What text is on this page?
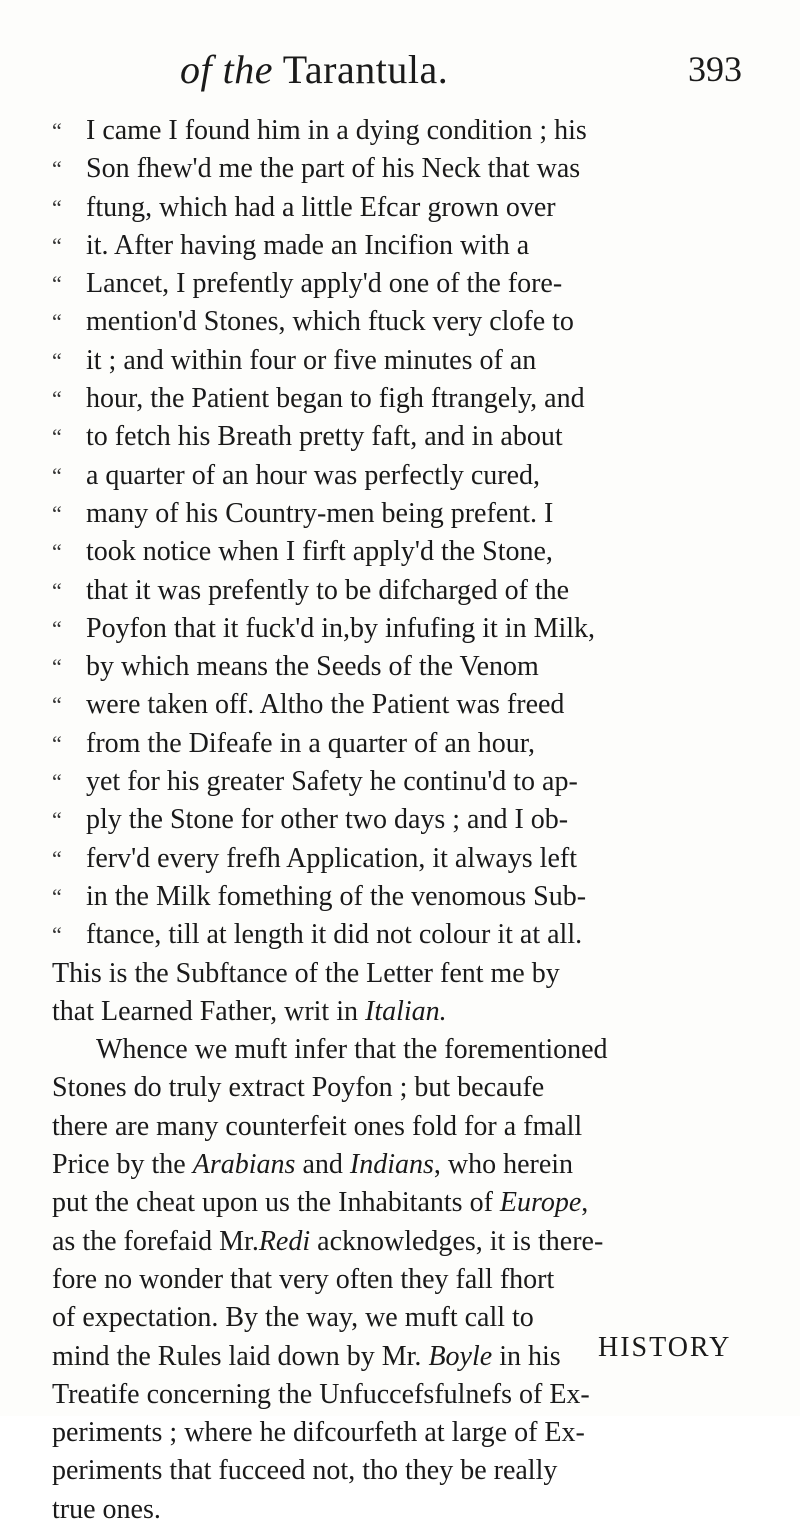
of the Tarantula.	393
“ I came I found him in a dying condition ; his
“ Son fhew'd me the part of his Neck that was
“ ftung, which had a little Efcar grown over
“ it. After having made an Incifion with a
“ Lancet, I prefently apply'd one of the fore-
“ mention'd Stones, which ftuck very clofe to
“ it ; and within four or five minutes of an
“ hour, the Patient began to figh ftrangely, and
“ to fetch his Breath pretty faft, and in about
“ a quarter of an hour was perfectly cured,
“ many of his Country-men being prefent. I
“ took notice when I firft apply'd the Stone,
“ that it was prefently to be difcharged of the
“ Poyfon that it fuck'd in,by infufing it in Milk,
“ by which means the Seeds of the Venom
“ were taken off. Altho the Patient was freed
“ from the Difeafe in a quarter of an hour,
“ yet for his greater Safety he continu'd to ap-
“ ply the Stone for other two days ; and I ob-
“ ferv'd every frefh Application, it always left
“ in the Milk fomething of the venomous Sub-
“ ftance, till at length it did not colour it at all.
This is the Subftance of the Letter fent me by
that Learned Father, writ in Italian.
Whence we muft infer that the forementioned
Stones do truly extract Poyfon ; but becaufe
there are many counterfeit ones fold for a fmall
Price by the Arabians and Indians, who herein
put the cheat upon us the Inhabitants of Europe,
as the forefaid Mr.Redi acknowledges, it is there-
fore no wonder that very often they fall fhort
of expectation. By the way, we muft call to
mind the Rules laid down by Mr. Boyle in his
Treatife concerning the Unfuccefsfulnefs of Ex-
periments ; where he difcourfeth at large of Ex-
periments that fucceed not, tho they be really
true ones.
HISTORY
